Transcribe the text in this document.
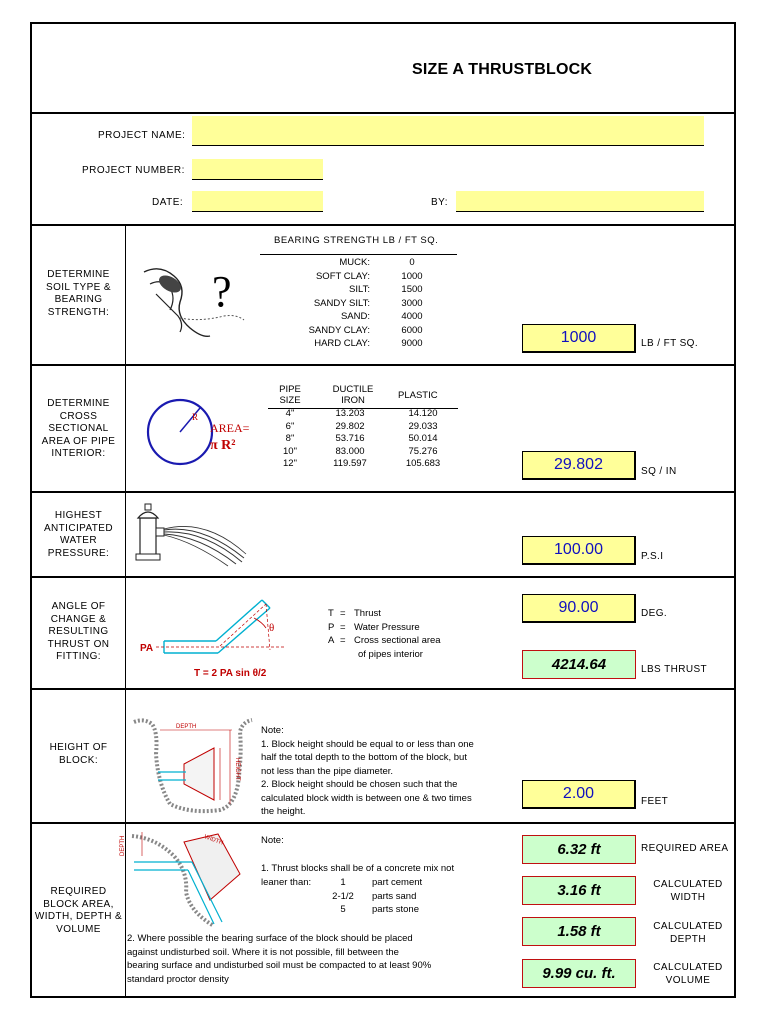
SIZE A THRUSTBLOCK
PROJECT NAME:
PROJECT NUMBER:
DATE:	BY:
DETERMINE
SOIL TYPE &
BEARING
STRENGTH:	?
BEARING STRENGTH LB / FT SQ.
MUCK:	0
SOFT CLAY:	1000
SILT:	1500
SANDY SILT:	3000
SAND:	4000
SANDY CLAY:	6000
HARD CLAY:	9000	1000	LB / FT SQ.
DETERMINE
CROSS
SECTIONAL
AREA OF PIPE
INTERIOR:
R
AREA=
π R²
PIPE
SIZE
DUCTILE
IRON	PLASTIC
4"	13.203	14.120
6"	29.802	29.033
8"	53.716	50.014
10"	83.000	75.276
12"	119.597	105.683	29.802	SQ / IN
HIGHEST
ANTICIPATED
WATER
PRESSURE:	100.00	P.S.I
ANGLE OF
CHANGE &
RESULTING
THRUST ON
FITTING:
θ
PA
T = 2 PA sin θ/2
T = Thrust
P = Water Pressure
A = Cross sectional area
of pipes interior
90.00	DEG.
4214.64	LBS THRUST
HEIGHT OF
BLOCK:
DEPTH
HEIGHT
Note:
1. Block height should be equal to or less than one
half the total depth to the bottom of the block, but
not less than the pipe diameter.
2. Block height should be chosen such that the
calculated block width is between one & two times
the height.
2.00	FEET
REQUIRED
BLOCK AREA,
WIDTH, DEPTH &
VOLUME
WIDTH
DEPTH	Note:
1. Thrust blocks shall be of a concrete mix not
leaner than:	1	part cement
2-1/2 parts sand
5	parts stone
2. Where possible the bearing surface of the block should be placed
against undisturbed soil. Where it is not possible, fill between the
bearing surface and undisturbed soil must be compacted to at least 90%
standard proctor density
6.32 ft	REQUIRED AREA
3.16 ft	CALCULATED
WIDTH
1.58 ft	CALCULATED
DEPTH
9.99 cu. ft.	CALCULATED
VOLUME
